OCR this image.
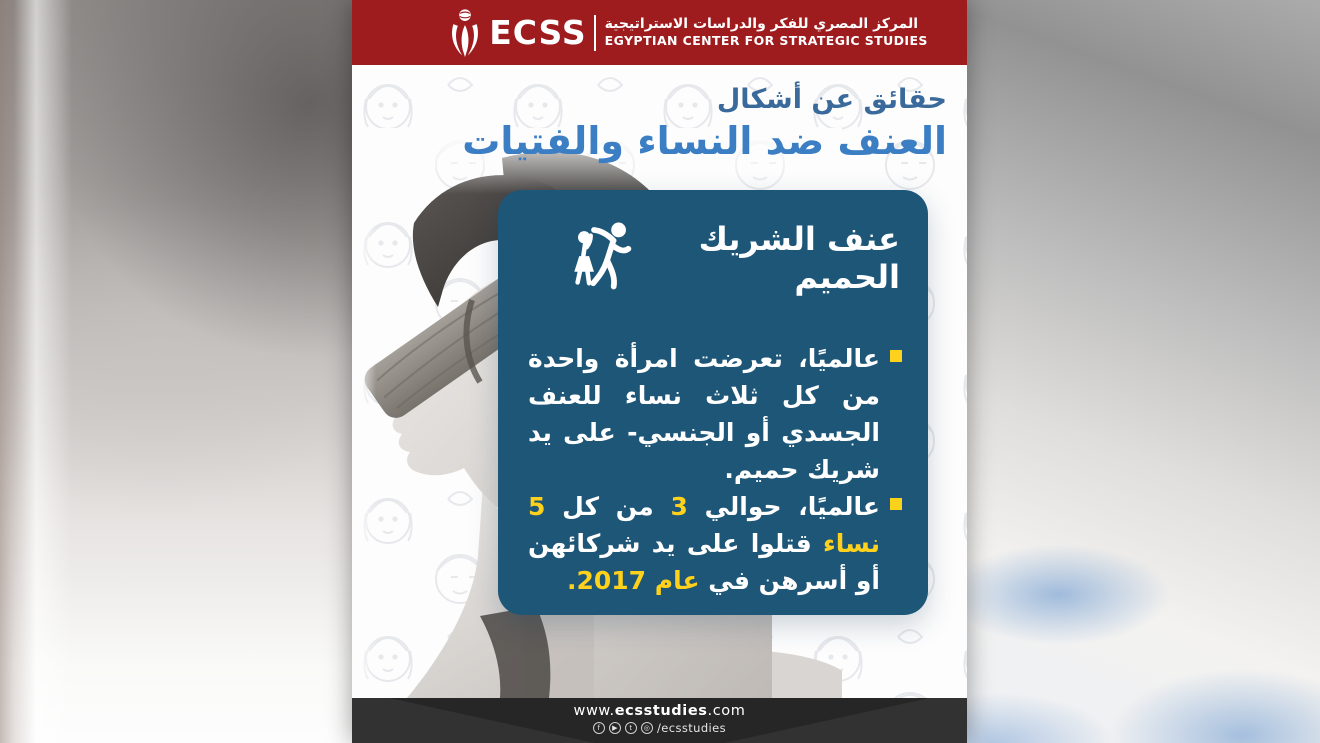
ECSS المركز المصري للفكر والدراسات الاستراتيجية
EGYPTIAN CENTER FOR STRATEGIC STUDIES
حقائق عن أشكال
العنف ضد النساء والفتيات
عنف الشريك
الحميم
عالميًا، تعرضت امرأة واحدة من كل ثلاث نساء للعنف الجسدي أو الجنسي- على يد شريك حميم.
عالميًا، حوالي 3 من كل 5 نساء قتلوا على يد شركائهن أو أسرهن في عام 2017.
www.ecsstudies.com
f	▶	t	◎ /ecsstudies
